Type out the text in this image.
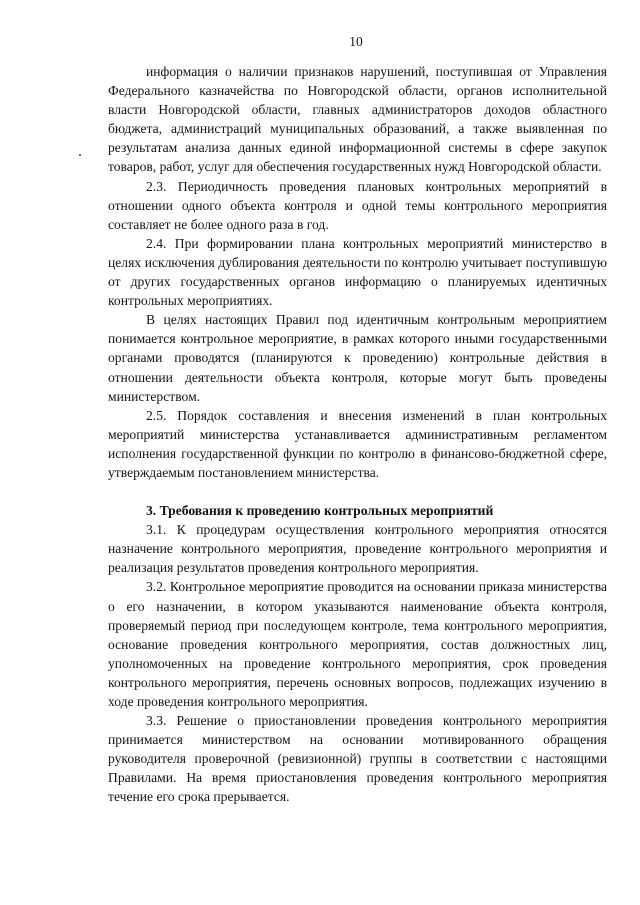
10

информация о наличии признаков нарушений, поступившая от Управления Федерального казначейства по Новгородской области, органов исполнительной власти Новгородской области, главных администраторов доходов областного бюджета, администраций муниципальных образований, а также выявленная по результатам анализа данных единой информационной системы в сфере закупок товаров, работ, услуг для обеспечения государственных нужд Новгородской области.

2.3. Периодичность проведения плановых контрольных мероприятий в отношении одного объекта контроля и одной темы контрольного мероприятия составляет не более одного раза в год.

2.4. При формировании плана контрольных мероприятий министерство в целях исключения дублирования деятельности по контролю учитывает поступившую от других государственных органов информацию о планируемых идентичных контрольных мероприятиях.

В целях настоящих Правил под идентичным контрольным мероприятием понимается контрольное мероприятие, в рамках которого иными государственными органами проводятся (планируются к проведению) контрольные действия в отношении деятельности объекта контроля, которые могут быть проведены министерством.

2.5. Порядок составления и внесения изменений в план контрольных мероприятий министерства устанавливается административным регламентом исполнения государственной функции по контролю в финансово-бюджетной сфере, утверждаемым постановлением министерства.

3. Требования к проведению контрольных мероприятий

3.1. К процедурам осуществления контрольного мероприятия относятся назначение контрольного мероприятия, проведение контрольного мероприятия и реализация результатов проведения контрольного мероприятия.

3.2. Контрольное мероприятие проводится на основании приказа министерства о его назначении, в котором указываются наименование объекта контроля, проверяемый период при последующем контроле, тема контрольного мероприятия, основание проведения контрольного мероприятия, состав должностных лиц, уполномоченных на проведение контрольного мероприятия, срок проведения контрольного мероприятия, перечень основных вопросов, подлежащих изучению в ходе проведения контрольного мероприятия.

3.3. Решение о приостановлении проведения контрольного мероприятия принимается министерством на основании мотивированного обращения руководителя проверочной (ревизионной) группы в соответствии с настоящими Правилами. На время приостановления проведения контрольного мероприятия течение его срока прерывается.
